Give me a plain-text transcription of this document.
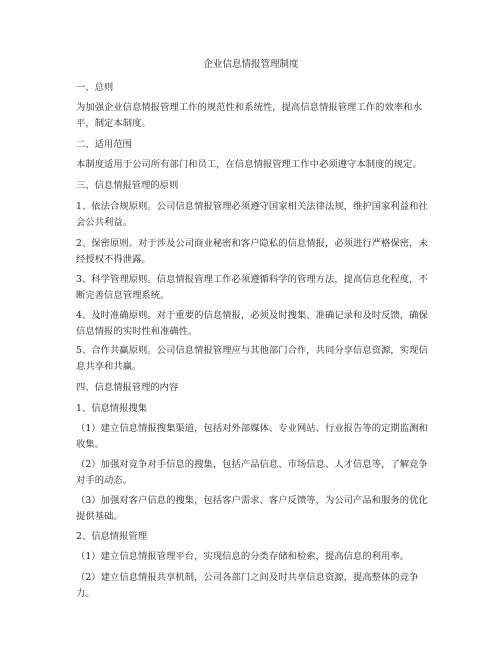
企业信息情报管理制度
一、总则
为加强企业信息情报管理工作的规范性和系统性，提高信息情报管理工作的效率和水平，制定本制度。
二、适用范围
本制度适用于公司所有部门和员工，在信息情报管理工作中必须遵守本制度的规定。
三、信息情报管理的原则
1、依法合规原则。公司信息情报管理必须遵守国家相关法律法规，维护国家利益和社会公共利益。
2、保密原则。对于涉及公司商业秘密和客户隐私的信息情报，必须进行严格保密，未经授权不得泄露。
3、科学管理原则。信息情报管理工作必须遵循科学的管理方法，提高信息化程度，不断完善信息管理系统。
4、及时准确原则。对于重要的信息情报，必须及时搜集、准确记录和及时反馈，确保信息情报的实时性和准确性。
5、合作共赢原则。公司信息情报管理应与其他部门合作，共同分享信息资源，实现信息共享和共赢。
四、信息情报管理的内容
1、信息情报搜集
（1）建立信息情报搜集渠道，包括对外部媒体、专业网站、行业报告等的定期监测和收集。
（2）加强对竞争对手信息的搜集，包括产品信息、市场信息、人才信息等，了解竞争对手的动态。
（3）加强对客户信息的搜集，包括客户需求、客户反馈等，为公司产品和服务的优化提供基础。
2、信息情报管理
（1）建立信息情报管理平台，实现信息的分类存储和检索，提高信息的利用率。
（2）建立信息情报共享机制，公司各部门之间及时共享信息资源，提高整体的竞争力。
